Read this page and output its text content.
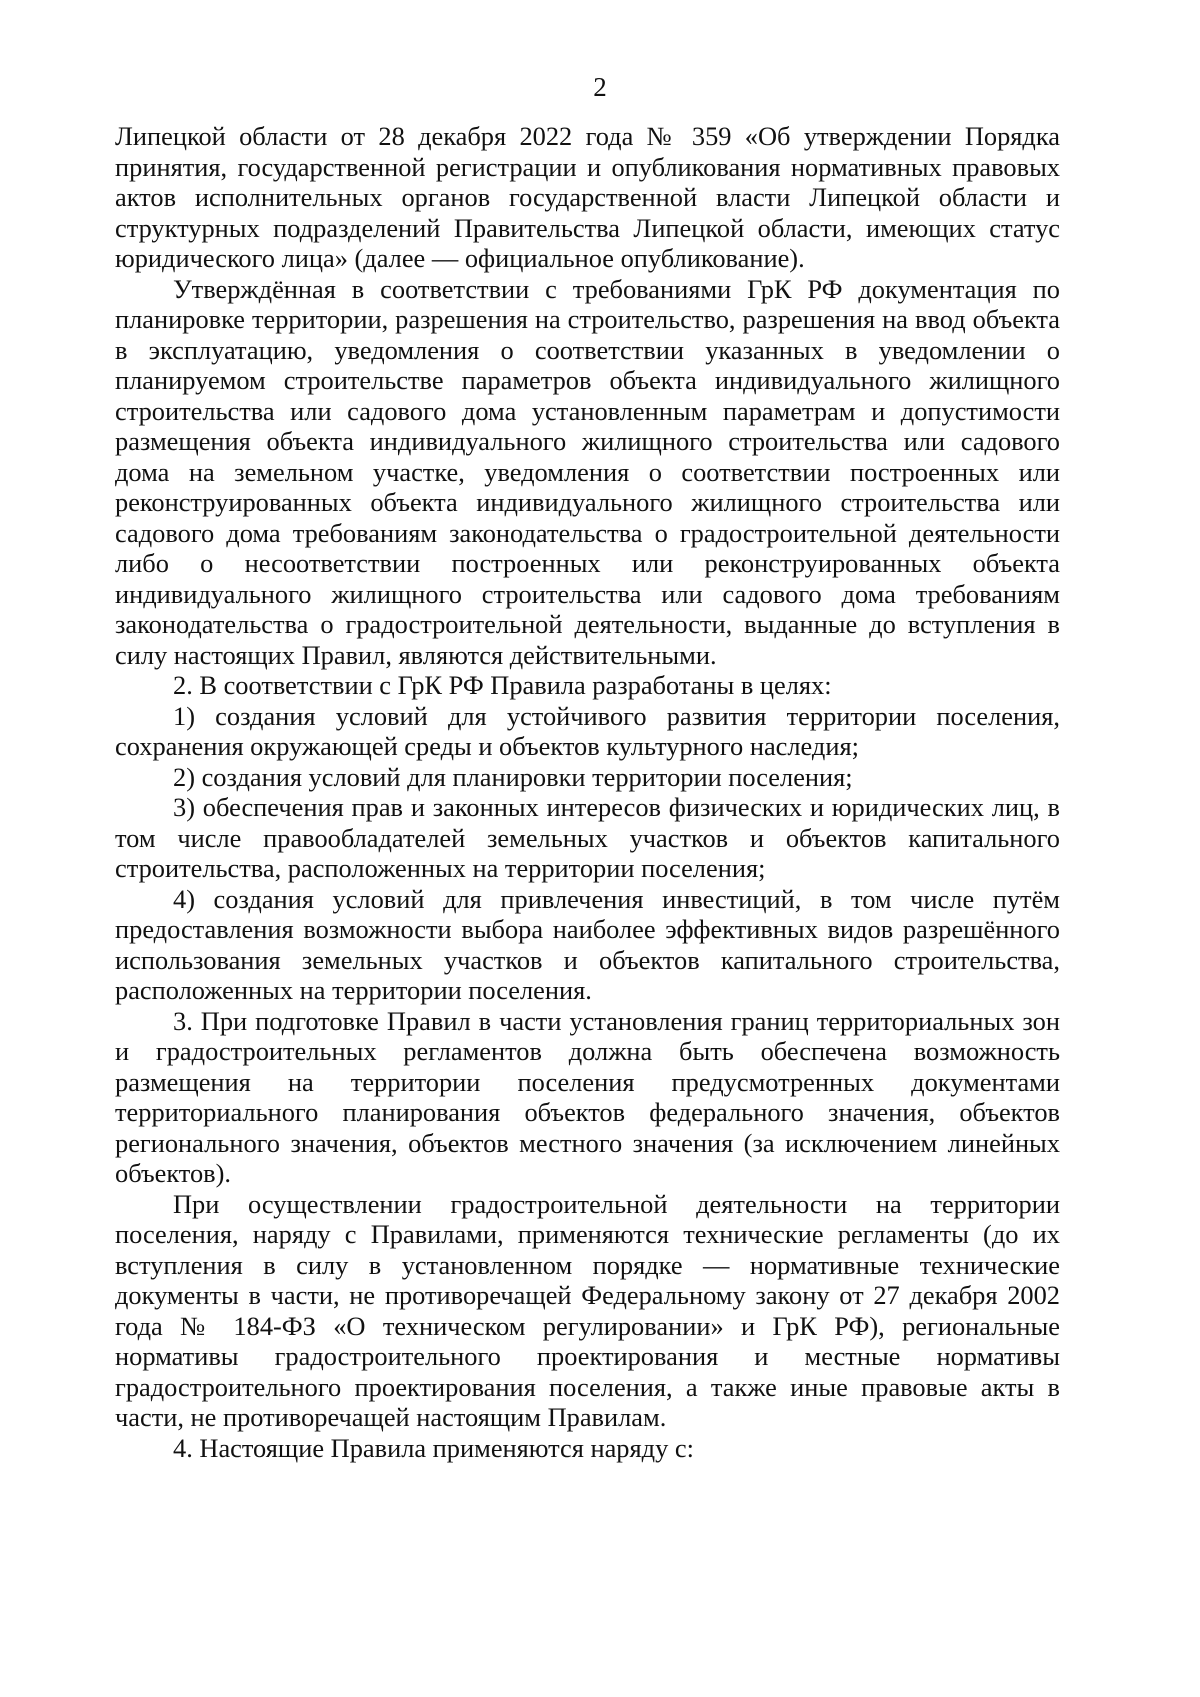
2

Липецкой области от 28 декабря 2022 года № 359 «Об утверждении Порядка принятия, государственной регистрации и опубликования нормативных правовых актов исполнительных органов государственной власти Липецкой области и структурных подразделений Правительства Липецкой области, имеющих статус юридического лица» (далее — официальное опубликование).

Утверждённая в соответствии с требованиями ГрК РФ документация по планировке территории, разрешения на строительство, разрешения на ввод объекта в эксплуатацию, уведомления о соответствии указанных в уведомлении о планируемом строительстве параметров объекта индивидуального жилищного строительства или садового дома установленным параметрам и допустимости размещения объекта индивидуального жилищного строительства или садового дома на земельном участке, уведомления о соответствии построенных или реконструированных объекта индивидуального жилищного строительства или садового дома требованиям законодательства о градостроительной деятельности либо о несоответствии построенных или реконструированных объекта индивидуального жилищного строительства или садового дома требованиям законодательства о градостроительной деятельности, выданные до вступления в силу настоящих Правил, являются действительными.

2. В соответствии с ГрК РФ Правила разработаны в целях:

1) создания условий для устойчивого развития территории поселения, сохранения окружающей среды и объектов культурного наследия;

2) создания условий для планировки территории поселения;

3) обеспечения прав и законных интересов физических и юридических лиц, в том числе правообладателей земельных участков и объектов капитального строительства, расположенных на территории поселения;

4) создания условий для привлечения инвестиций, в том числе путём предоставления возможности выбора наиболее эффективных видов разрешённого использования земельных участков и объектов капитального строительства, расположенных на территории поселения.

3. При подготовке Правил в части установления границ территориальных зон и градостроительных регламентов должна быть обеспечена возможность размещения на территории поселения предусмотренных документами территориального планирования объектов федерального значения, объектов регионального значения, объектов местного значения (за исключением линейных объектов).

При осуществлении градостроительной деятельности на территории поселения, наряду с Правилами, применяются технические регламенты (до их вступления в силу в установленном порядке — нормативные технические документы в части, не противоречащей Федеральному закону от 27 декабря 2002 года № 184-ФЗ «О техническом регулировании» и ГрК РФ), региональные нормативы градостроительного проектирования и местные нормативы градостроительного проектирования поселения, а также иные правовые акты в части, не противоречащей настоящим Правилам.

4. Настоящие Правила применяются наряду с:
